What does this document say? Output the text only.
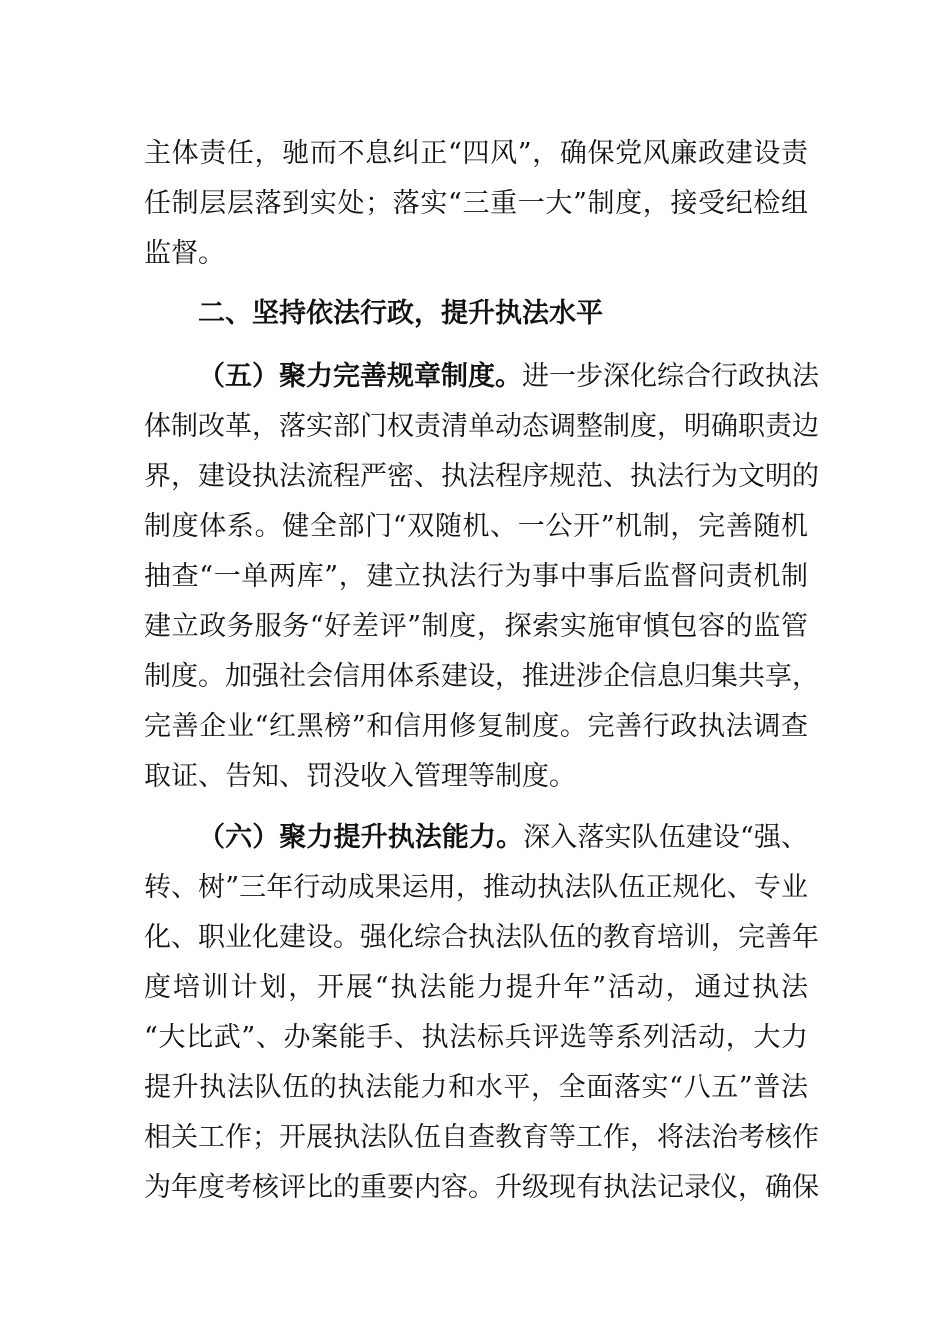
主体责任，驰而不息纠正“四风”，确保党风廉政建设责
任制层层落到实处；落实“三重一大”制度，接受纪检组
监督。
二、坚持依法行政，提升执法水平
（五）聚力完善规章制度。进一步深化综合行政执法
体制改革，落实部门权责清单动态调整制度，明确职责边
界，建设执法流程严密、执法程序规范、执法行为文明的
制度体系。健全部门“双随机、一公开”机制，完善随机
抽查“一单两库”，建立执法行为事中事后监督问责机制
建立政务服务“好差评”制度，探索实施审慎包容的监管
制度。加强社会信用体系建设，推进涉企信息归集共享，
完善企业“红黑榜”和信用修复制度。完善行政执法调查
取证、告知、罚没收入管理等制度。
（六）聚力提升执法能力。深入落实队伍建设“强、
转、树”三年行动成果运用，推动执法队伍正规化、专业
化、职业化建设。强化综合执法队伍的教育培训，完善年
度培训计划，开展“执法能力提升年”活动，通过执法
“大比武”、办案能手、执法标兵评选等系列活动，大力
提升执法队伍的执法能力和水平，全面落实“八五”普法
相关工作；开展执法队伍自查教育等工作，将法治考核作
为年度考核评比的重要内容。升级现有执法记录仪，确保
